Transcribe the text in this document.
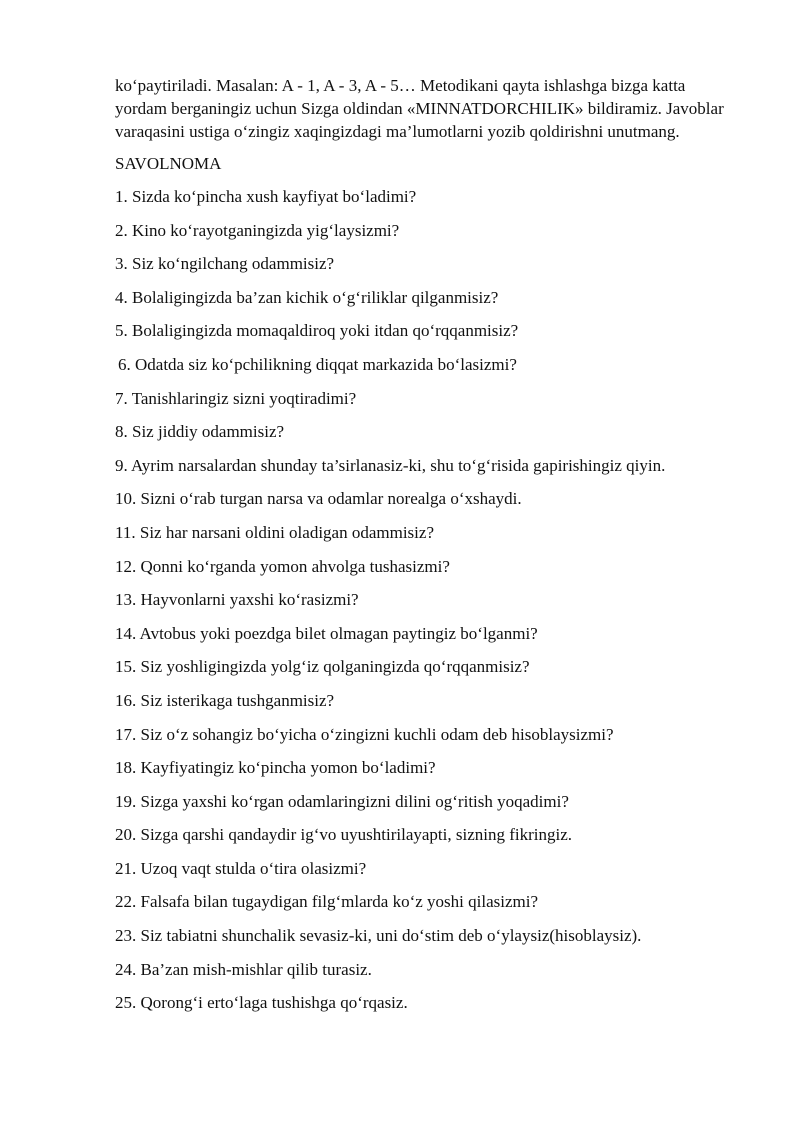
ko‘paytiriladi. Masalan: A - 1, A - 3, A - 5… Metodikani qayta ishlashga bizga katta yordam berganingiz uchun Sizga oldindan «MINNATDORCHILIK» bildiramiz. Javoblar varaqasini ustiga o‘zingiz xaqingizdagi ma’lumotlarni yozib qoldirishni unutmang.

SAVOLNOMA

1. Sizda ko‘pincha xush kayfiyat bo‘ladimi?
2. Kino ko‘rayotganingizda yig‘laysizmi?
3. Siz ko‘ngilchang odammisiz?
4. Bolaligingizda ba’zan kichik o‘g‘riliklar qilganmisiz?
5. Bolaligingizda momaqaldiroq yoki itdan qo‘rqqanmisiz?
6. Odatda siz ko‘pchilikning diqqat markazida bo‘lasizmi?
7. Tanishlaringiz sizni yoqtiradimi?
8. Siz jiddiy odammisiz?
9. Ayrim narsalardan shunday ta’sirlanasiz-ki, shu to‘g‘risida gapirishingiz qiyin.
10. Sizni o‘rab turgan narsa va odamlar norealga o‘xshaydi.
11. Siz har narsani oldini oladigan odammisiz?
12. Qonni ko‘rganda yomon ahvolga tushasizmi?
13. Hayvonlarni yaxshi ko‘rasizmi?
14. Avtobus yoki poezdga bilet olmagan paytingiz bo‘lganmi?
15. Siz yoshligingizda yolg‘iz qolganingizda qo‘rqqanmisiz?
16. Siz isterikaga tushganmisiz?
17. Siz o‘z sohangiz bo‘yicha o‘zingizni kuchli odam deb hisoblaysizmi?
18. Kayfiyatingiz ko‘pincha yomon bo‘ladimi?
19. Sizga yaxshi ko‘rgan odamlaringizni dilini og‘ritish yoqadimi?
20. Sizga qarshi qandaydir ig‘vo uyushtirilayapti, sizning fikringiz.
21. Uzoq vaqt stulda o‘tira olasizmi?
22. Falsafa bilan tugaydigan filg‘mlarda ko‘z yoshi qilasizmi?
23. Siz tabiatni shunchalik sevasiz-ki, uni do‘stim deb o‘ylaysiz(hisoblaysiz).
24. Ba’zan mish-mishlar qilib turasiz.
25. Qorong‘i erto‘laga tushishga qo‘rqasiz.
